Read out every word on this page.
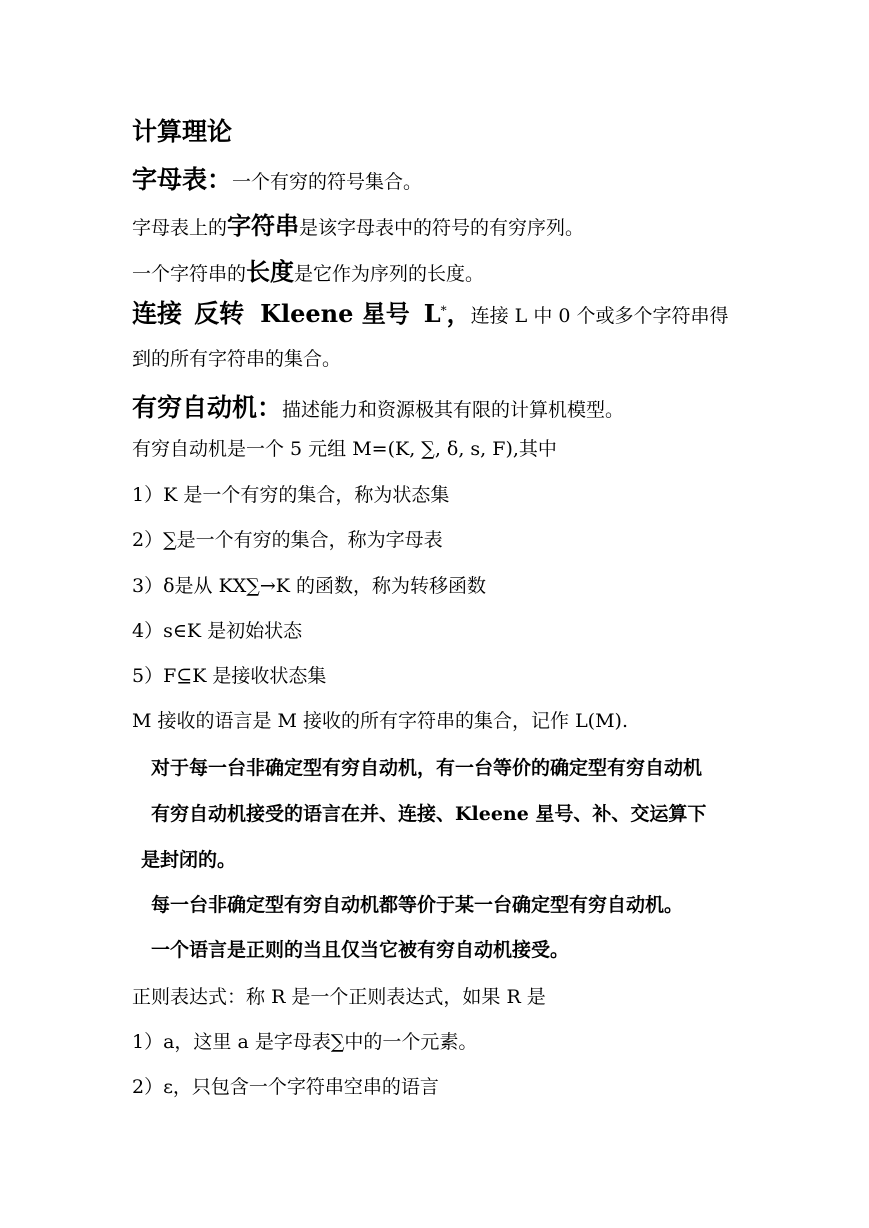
计算理论
字母表：一个有穷的符号集合。
字母表上的字符串是该字母表中的符号的有穷序列。
一个字符串的长度是它作为序列的长度。
连接 反转 Kleene 星号 L*，连接 L 中 0 个或多个字符串得
到的所有字符串的集合。
有穷自动机：描述能力和资源极其有限的计算机模型。
有穷自动机是一个 5 元组 M=(K, ∑, δ, s, F),其中
1）K 是一个有穷的集合，称为状态集
2）∑是一个有穷的集合，称为字母表
3）δ是从 KX∑→K 的函数，称为转移函数
4）s∈K 是初始状态
5）F⊆K 是接收状态集
M 接收的语言是 M 接收的所有字符串的集合，记作 L(M).
对于每一台非确定型有穷自动机，有一台等价的确定型有穷自动机
有穷自动机接受的语言在并、连接、Kleene 星号、补、交运算下
是封闭的。
每一台非确定型有穷自动机都等价于某一台确定型有穷自动机。
一个语言是正则的当且仅当它被有穷自动机接受。
正则表达式：称 R 是一个正则表达式，如果 R 是
1）a，这里 a 是字母表∑中的一个元素。
2）ε，只包含一个字符串空串的语言
